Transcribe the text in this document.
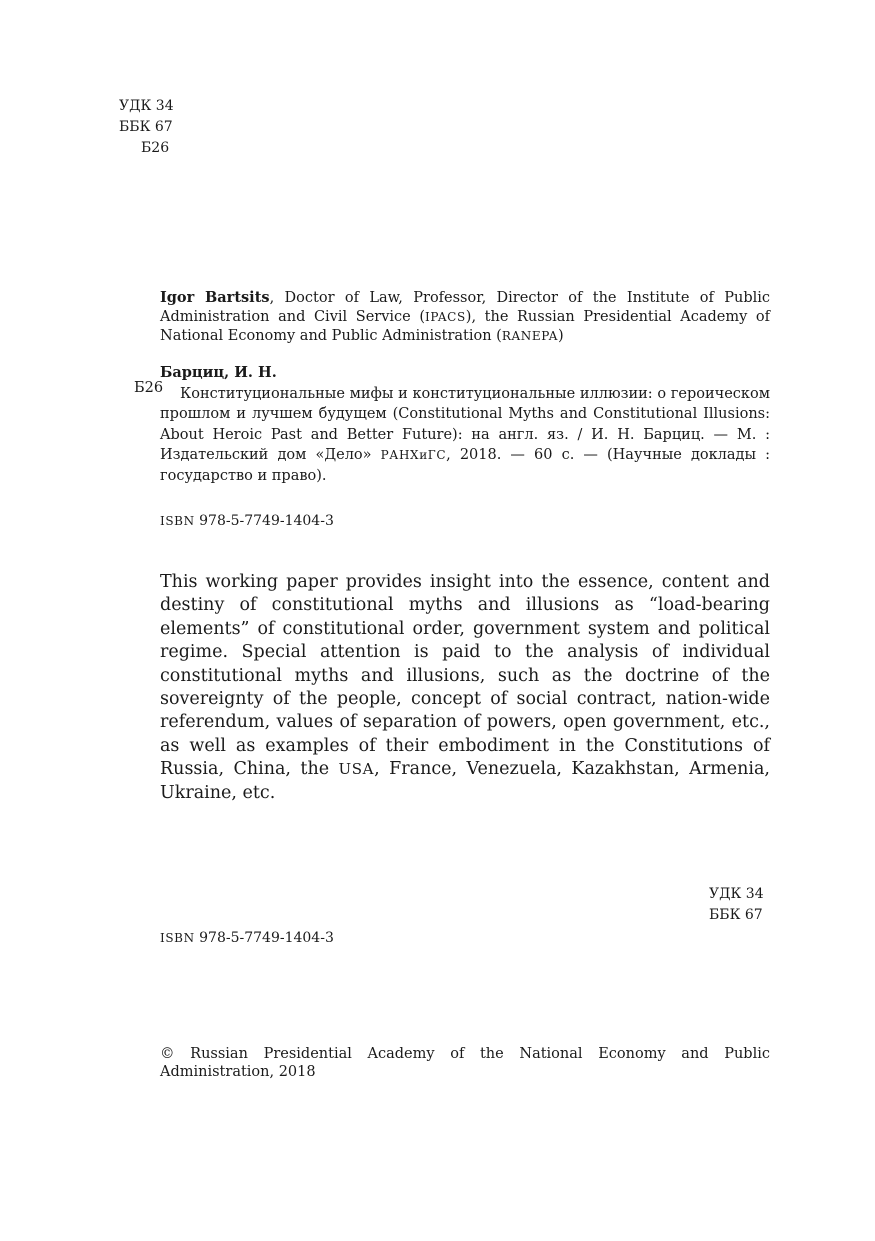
УДК 34
ББК 67
Б26
Igor Bartsits, Doctor of Law, Professor, Director of the Institute of Public Administration and Civil Service (IPACS), the Russian Presidential Academy of National Economy and Public Administration (RANEPA)
Барциц, И. Н.
Конституциональные мифы и конституциональные иллюзии: о героическом прошлом и лучшем будущем (Constitutional Myths and Constitutional Illusions: About Heroic Past and Better Future): на англ. яз. / И. Н. Барциц. — М. : Издательский дом «Дело» РАНХиГС, 2018. — 60 с. — (Научные доклады : государство и право).
Б26
ISBN 978-5-7749-1404-3
This working paper provides insight into the essence, content and destiny of constitutional myths and illusions as “load-bearing elements” of constitutional order, government system and political regime. Special attention is paid to the analysis of individual constitutional myths and illusions, such as the doctrine of the sovereignty of the people, concept of social contract, nation-wide referendum, values of separation of powers, open government, etc., as well as examples of their embodiment in the Constitutions of Russia, China, the USA, France, Venezuela, Kazakhstan, Armenia, Ukraine, etc.
УДК 34
ББК 67
ISBN 978-5-7749-1404-3
© Russian Presidential Academy of the National Economy and Public Administration, 2018
